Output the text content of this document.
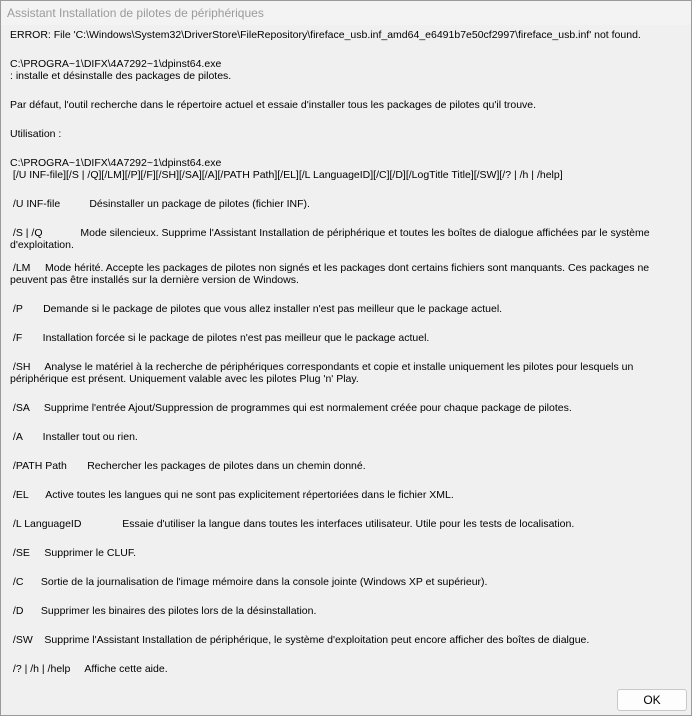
Assistant Installation de pilotes de périphériques

ERROR: File 'C:\Windows\System32\DriverStore\FileRepository\fireface_usb.inf_amd64_e6491b7e50cf2997\fireface_usb.inf' not found.

C:\PROGRA~1\DIFX\4A7292~1\dpinst64.exe

: installe et désinstalle des packages de pilotes.

Par défaut, l'outil recherche dans le répertoire actuel et essaie d'installer tous les packages de pilotes qu'il trouve.

Utilisation :

C:\PROGRA~1\DIFX\4A7292~1\dpinst64.exe

[/U INF-file][/S | /Q][/LM][/P][/F][/SH][/SA][/A][/PATH Path][/EL][/L LanguageID][/C][/D][/LogTitle Title][/SW][/? | /h | /help]

/U INF-file          Désinstaller un package de pilotes (fichier INF).

/S | /Q             Mode silencieux. Supprime l'Assistant Installation de périphérique et toutes les boîtes de dialogue affichées par le système d'exploitation.

/LM     Mode hérité. Accepte les packages de pilotes non signés et les packages dont certains fichiers sont manquants. Ces packages ne peuvent pas être installés sur la dernière version de Windows.

/P       Demande si le package de pilotes que vous allez installer n'est pas meilleur que le package actuel.

/F       Installation forcée si le package de pilotes n'est pas meilleur que le package actuel.

/SH     Analyse le matériel à la recherche de périphériques correspondants et copie et installe uniquement les pilotes pour lesquels un périphérique est présent. Uniquement valable avec les pilotes Plug 'n' Play.

/SA     Supprime l'entrée Ajout/Suppression de programmes qui est normalement créée pour chaque package de pilotes.

/A       Installer tout ou rien.

/PATH Path       Rechercher les packages de pilotes dans un chemin donné.

/EL      Active toutes les langues qui ne sont pas explicitement répertoriées dans le fichier XML.

/L LanguageID              Essaie d'utiliser la langue dans toutes les interfaces utilisateur. Utile pour les tests de localisation.

/SE     Supprimer le CLUF.

/C      Sortie de la journalisation de l'image mémoire dans la console jointe (Windows XP et supérieur).

/D      Supprimer les binaires des pilotes lors de la désinstallation.

/SW    Supprime l'Assistant Installation de périphérique, le système d'exploitation peut encore afficher des boîtes de dialgue.

/? | /h | /help     Affiche cette aide.

OK
